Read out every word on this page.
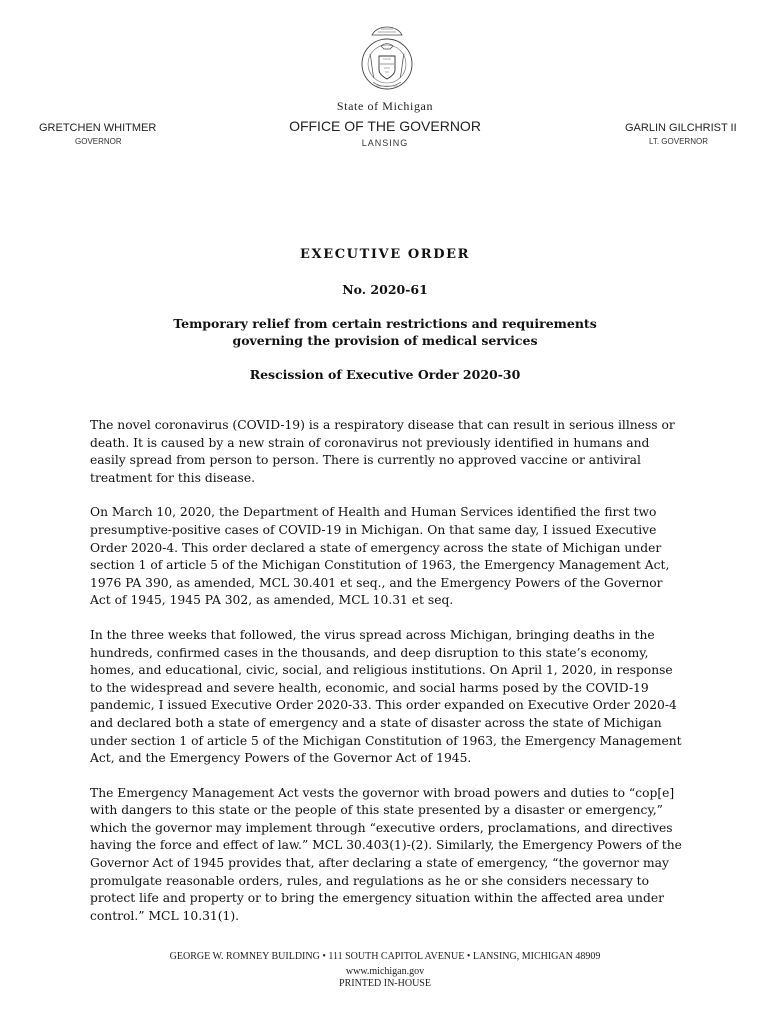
State of Michigan
OFFICE OF THE GOVERNOR
LANSING
GRETCHEN WHITMER
GOVERNOR
GARLIN GILCHRIST II
LT. GOVERNOR
EXECUTIVE ORDER
No. 2020-61
Temporary relief from certain restrictions and requirements
governing the provision of medical services
Rescission of Executive Order 2020-30

The novel coronavirus (COVID-19) is a respiratory disease that can result in serious illness or death. It is caused by a new strain of coronavirus not previously identified in humans and easily spread from person to person. There is currently no approved vaccine or antiviral treatment for this disease.

On March 10, 2020, the Department of Health and Human Services identified the first two presumptive-positive cases of COVID-19 in Michigan. On that same day, I issued Executive Order 2020-4. This order declared a state of emergency across the state of Michigan under section 1 of article 5 of the Michigan Constitution of 1963, the Emergency Management Act, 1976 PA 390, as amended, MCL 30.401 et seq., and the Emergency Powers of the Governor Act of 1945, 1945 PA 302, as amended, MCL 10.31 et seq.

In the three weeks that followed, the virus spread across Michigan, bringing deaths in the hundreds, confirmed cases in the thousands, and deep disruption to this state’s economy, homes, and educational, civic, social, and religious institutions. On April 1, 2020, in response to the widespread and severe health, economic, and social harms posed by the COVID-19 pandemic, I issued Executive Order 2020-33. This order expanded on Executive Order 2020-4 and declared both a state of emergency and a state of disaster across the state of Michigan under section 1 of article 5 of the Michigan Constitution of 1963, the Emergency Management Act, and the Emergency Powers of the Governor Act of 1945.

The Emergency Management Act vests the governor with broad powers and duties to “cop[e] with dangers to this state or the people of this state presented by a disaster or emergency,” which the governor may implement through “executive orders, proclamations, and directives having the force and effect of law.” MCL 30.403(1)-(2). Similarly, the Emergency Powers of the Governor Act of 1945 provides that, after declaring a state of emergency, “the governor may promulgate reasonable orders, rules, and regulations as he or she considers necessary to protect life and property or to bring the emergency situation within the affected area under control.” MCL 10.31(1).

GEORGE W. ROMNEY BUILDING • 111 SOUTH CAPITOL AVENUE • LANSING, MICHIGAN 48909
www.michigan.gov
PRINTED IN-HOUSE
